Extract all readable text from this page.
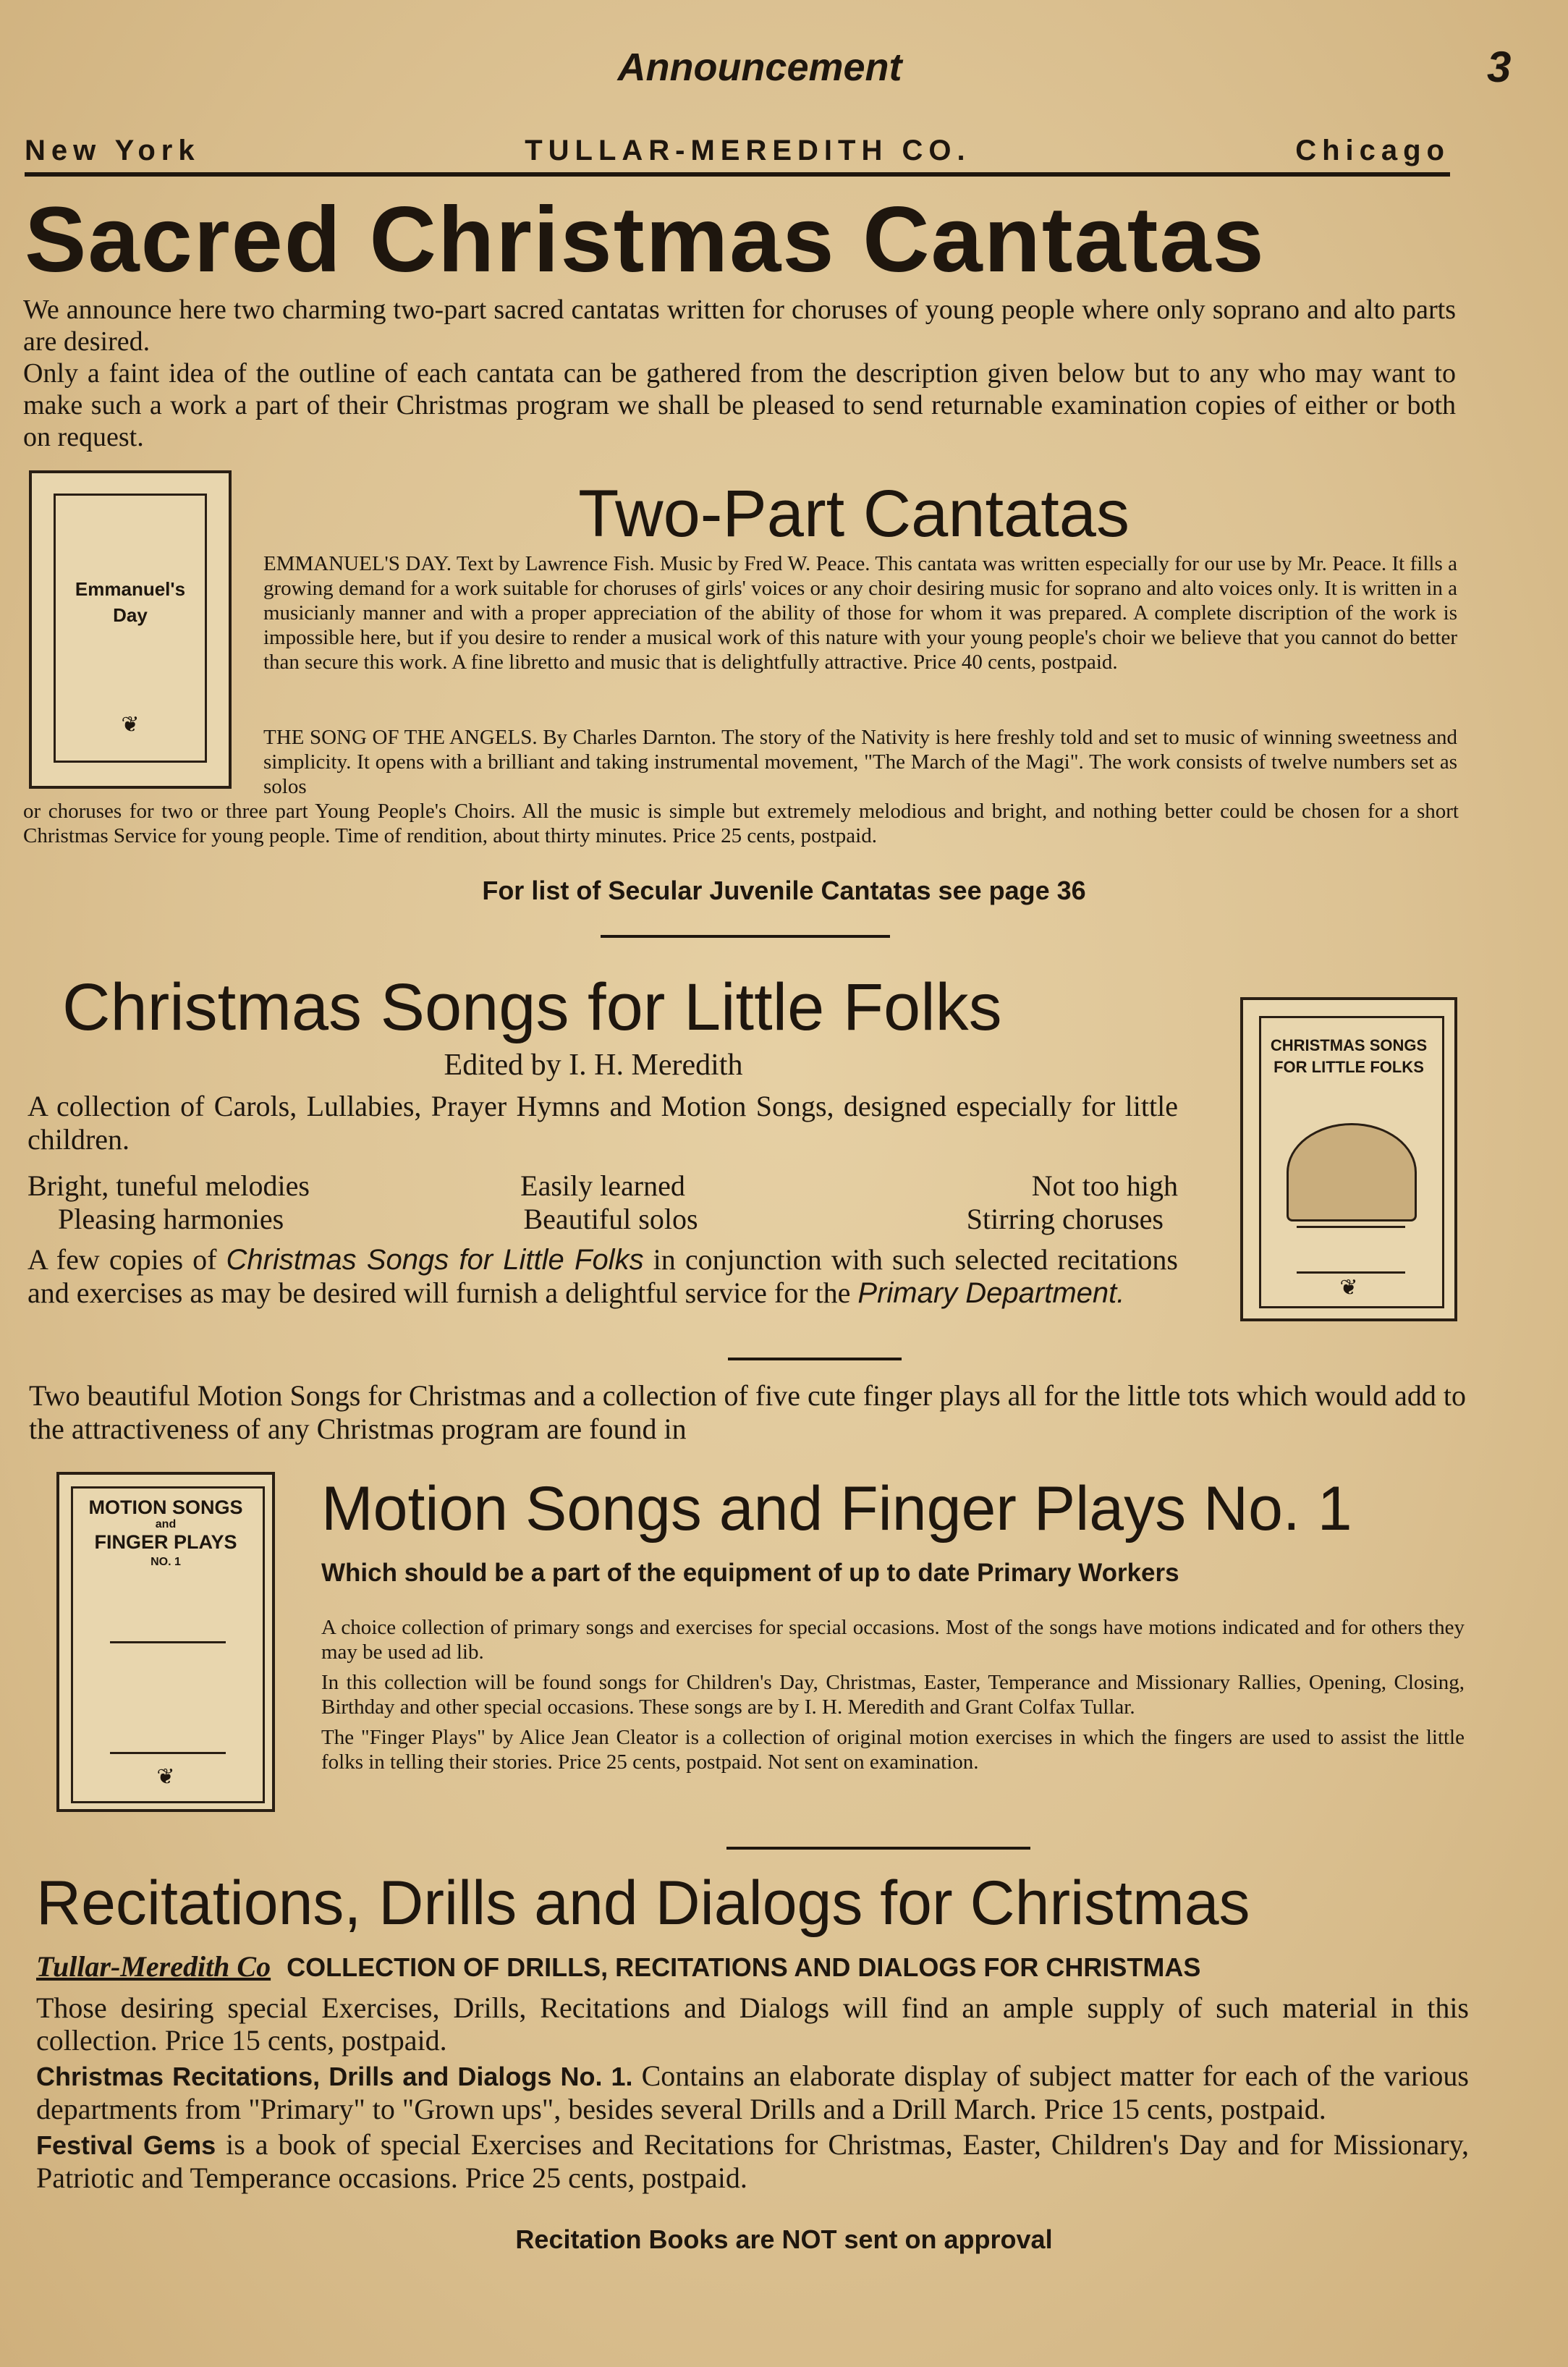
Announcement	3
New York	TULLAR-MEREDITH CO.	Chicago
Sacred Christmas Cantatas

We announce here two charming two-part sacred cantatas written for choruses of young people where only soprano and alto parts are desired.

Only a faint idea of the outline of each cantata can be gathered from the description given below but to any who may want to make such a work a part of their Christmas program we shall be pleased to send returnable examination copies of either or both on request.

Emmanuel's Day
❦
Two-Part Cantatas

EMMANUEL'S DAY. Text by Lawrence Fish. Music by Fred W. Peace. This cantata was written especially for our use by Mr. Peace. It fills a growing demand for a work suitable for choruses of girls' voices or any choir desiring music for soprano and alto voices only. It is written in a musicianly manner and with a proper appreciation of the ability of those for whom it was prepared. A complete discription of the work is impossible here, but if you desire to render a musical work of this nature with your young people's choir we believe that you cannot do better than secure this work. A fine libretto and music that is delightfully attractive. Price 40 cents, postpaid.

THE SONG OF THE ANGELS. By Charles Darnton. The story of the Nativity is here freshly told and set to music of winning sweetness and simplicity. It opens with a brilliant and taking instrumental movement, "The March of the Magi". The work consists of twelve numbers set as solos

or choruses for two or three part Young People's Choirs. All the music is simple but extremely melodious and bright, and nothing better could be chosen for a short Christmas Service for young people. Time of rendition, about thirty minutes. Price 25 cents, postpaid.

For list of Secular Juvenile Cantatas see page 36
Christmas Songs for Little Folks
Edited by I. H. Meredith

A collection of Carols, Lullabies, Prayer Hymns and Motion Songs, designed especially for little children.

Bright, tuneful melodies	Easily learned	Not too high
Pleasing harmonies	Beautiful solos	Stirring choruses

A few copies of Christmas Songs for Little Folks in conjunction with such selected recitations and exercises as may be desired will furnish a delightful service for the Primary Department.

CHRISTMAS SONGS
FOR LITTLE FOLKS
❦

Two beautiful Motion Songs for Christmas and a collection of five cute finger plays all for the little tots which would add to the attractiveness of any Christmas program are found in

MOTION SONGS
and
FINGER PLAYS
NO. 1
❦
Motion Songs and Finger Plays No. 1
Which should be a part of the equipment of up to date Primary Workers

A choice collection of primary songs and exercises for special occasions. Most of the songs have motions indicated and for others they may be used ad lib.

In this collection will be found songs for Children's Day, Christmas, Easter, Temperance and Missionary Rallies, Opening, Closing, Birthday and other special occasions. These songs are by I. H. Meredith and Grant Colfax Tullar.

The "Finger Plays" by Alice Jean Cleator is a collection of original motion exercises in which the fingers are used to assist the little folks in telling their stories. Price 25 cents, postpaid. Not sent on examination.

Recitations, Drills and Dialogs for Christmas
Tullar-Meredith Co COLLECTION OF DRILLS, RECITATIONS AND DIALOGS FOR CHRISTMAS

Those desiring special Exercises, Drills, Recitations and Dialogs will find an ample supply of such material in this collection. Price 15 cents, postpaid.

Christmas Recitations, Drills and Dialogs No. 1. Contains an elaborate display of subject matter for each of the various departments from "Primary" to "Grown ups", besides several Drills and a Drill March. Price 15 cents, postpaid.

Festival Gems is a book of special Exercises and Recitations for Christmas, Easter, Children's Day and for Missionary, Patriotic and Temperance occasions. Price 25 cents, postpaid.

Recitation Books are NOT sent on approval
